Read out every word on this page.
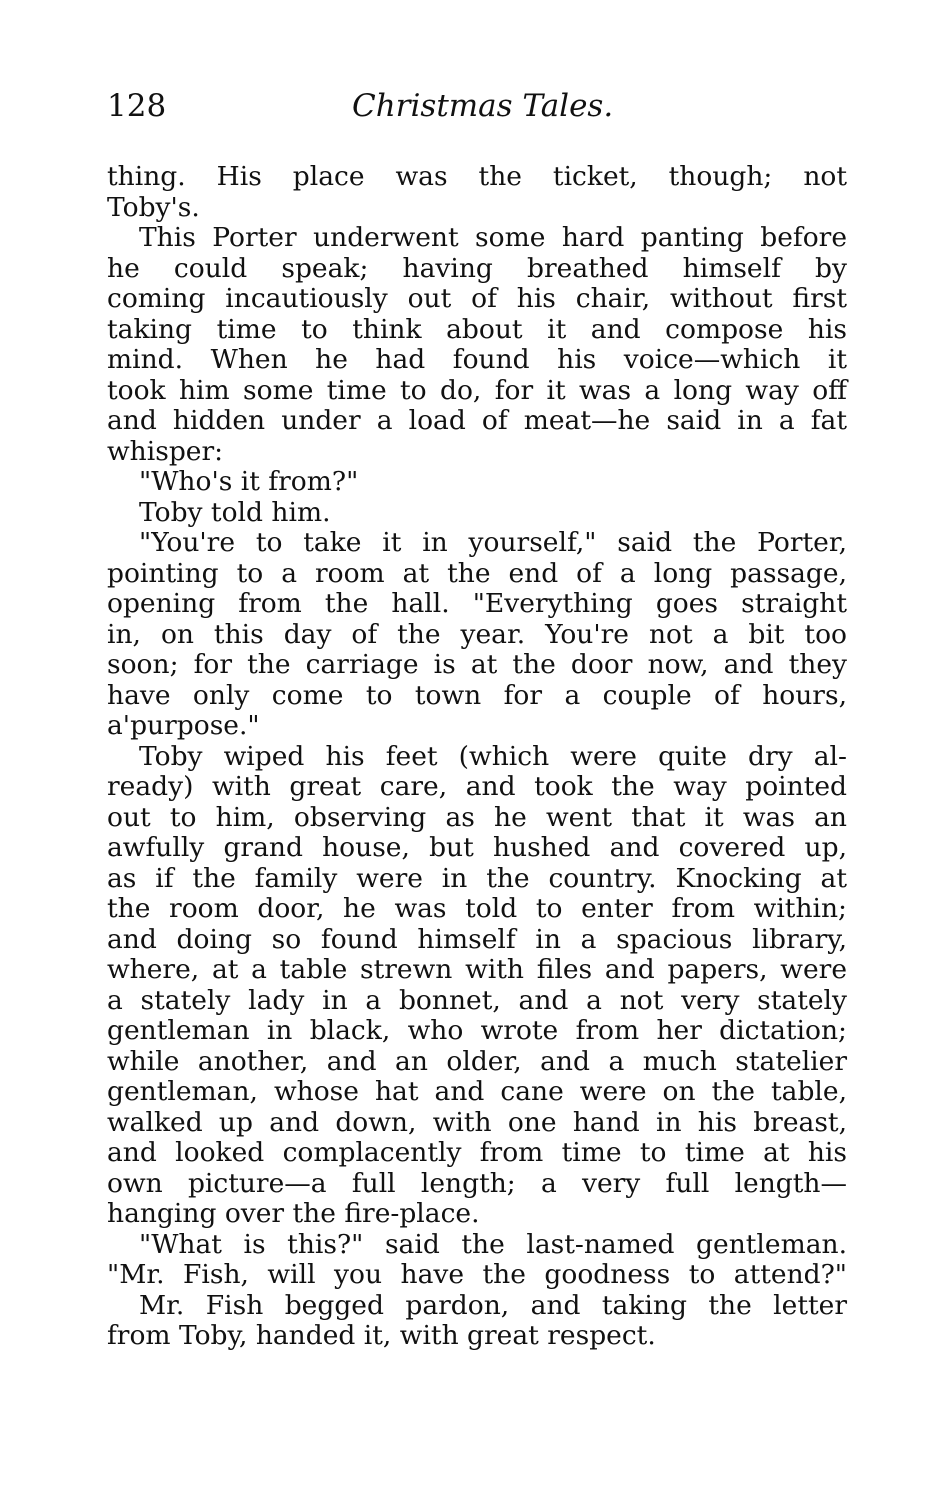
128	Christmas Tales.
thing. His place was the ticket, though; not
Toby's.
This Porter underwent some hard panting before
he could speak; having breathed himself by
coming incautiously out of his chair, without first
taking time to think about it and compose his
mind. When he had found his voice—which it
took him some time to do, for it was a long way off
and hidden under a load of meat—he said in a fat
whisper:
"Who's it from?"
Toby told him.
"You're to take it in yourself," said the Porter,
pointing to a room at the end of a long passage,
opening from the hall. "Everything goes straight
in, on this day of the year. You're not a bit too
soon; for the carriage is at the door now, and they
have only come to town for a couple of hours,
a'purpose."
Toby wiped his feet (which were quite dry al-
ready) with great care, and took the way pointed
out to him, observing as he went that it was an
awfully grand house, but hushed and covered up,
as if the family were in the country. Knocking at
the room door, he was told to enter from within;
and doing so found himself in a spacious library,
where, at a table strewn with files and papers, were
a stately lady in a bonnet, and a not very stately
gentleman in black, who wrote from her dictation;
while another, and an older, and a much statelier
gentleman, whose hat and cane were on the table,
walked up and down, with one hand in his breast,
and looked complacently from time to time at his
own picture—a full length; a very full length—
hanging over the fire-place.
"What is this?" said the last-named gentleman.
"Mr. Fish, will you have the goodness to attend?"
Mr. Fish begged pardon, and taking the letter
from Toby, handed it, with great respect.
